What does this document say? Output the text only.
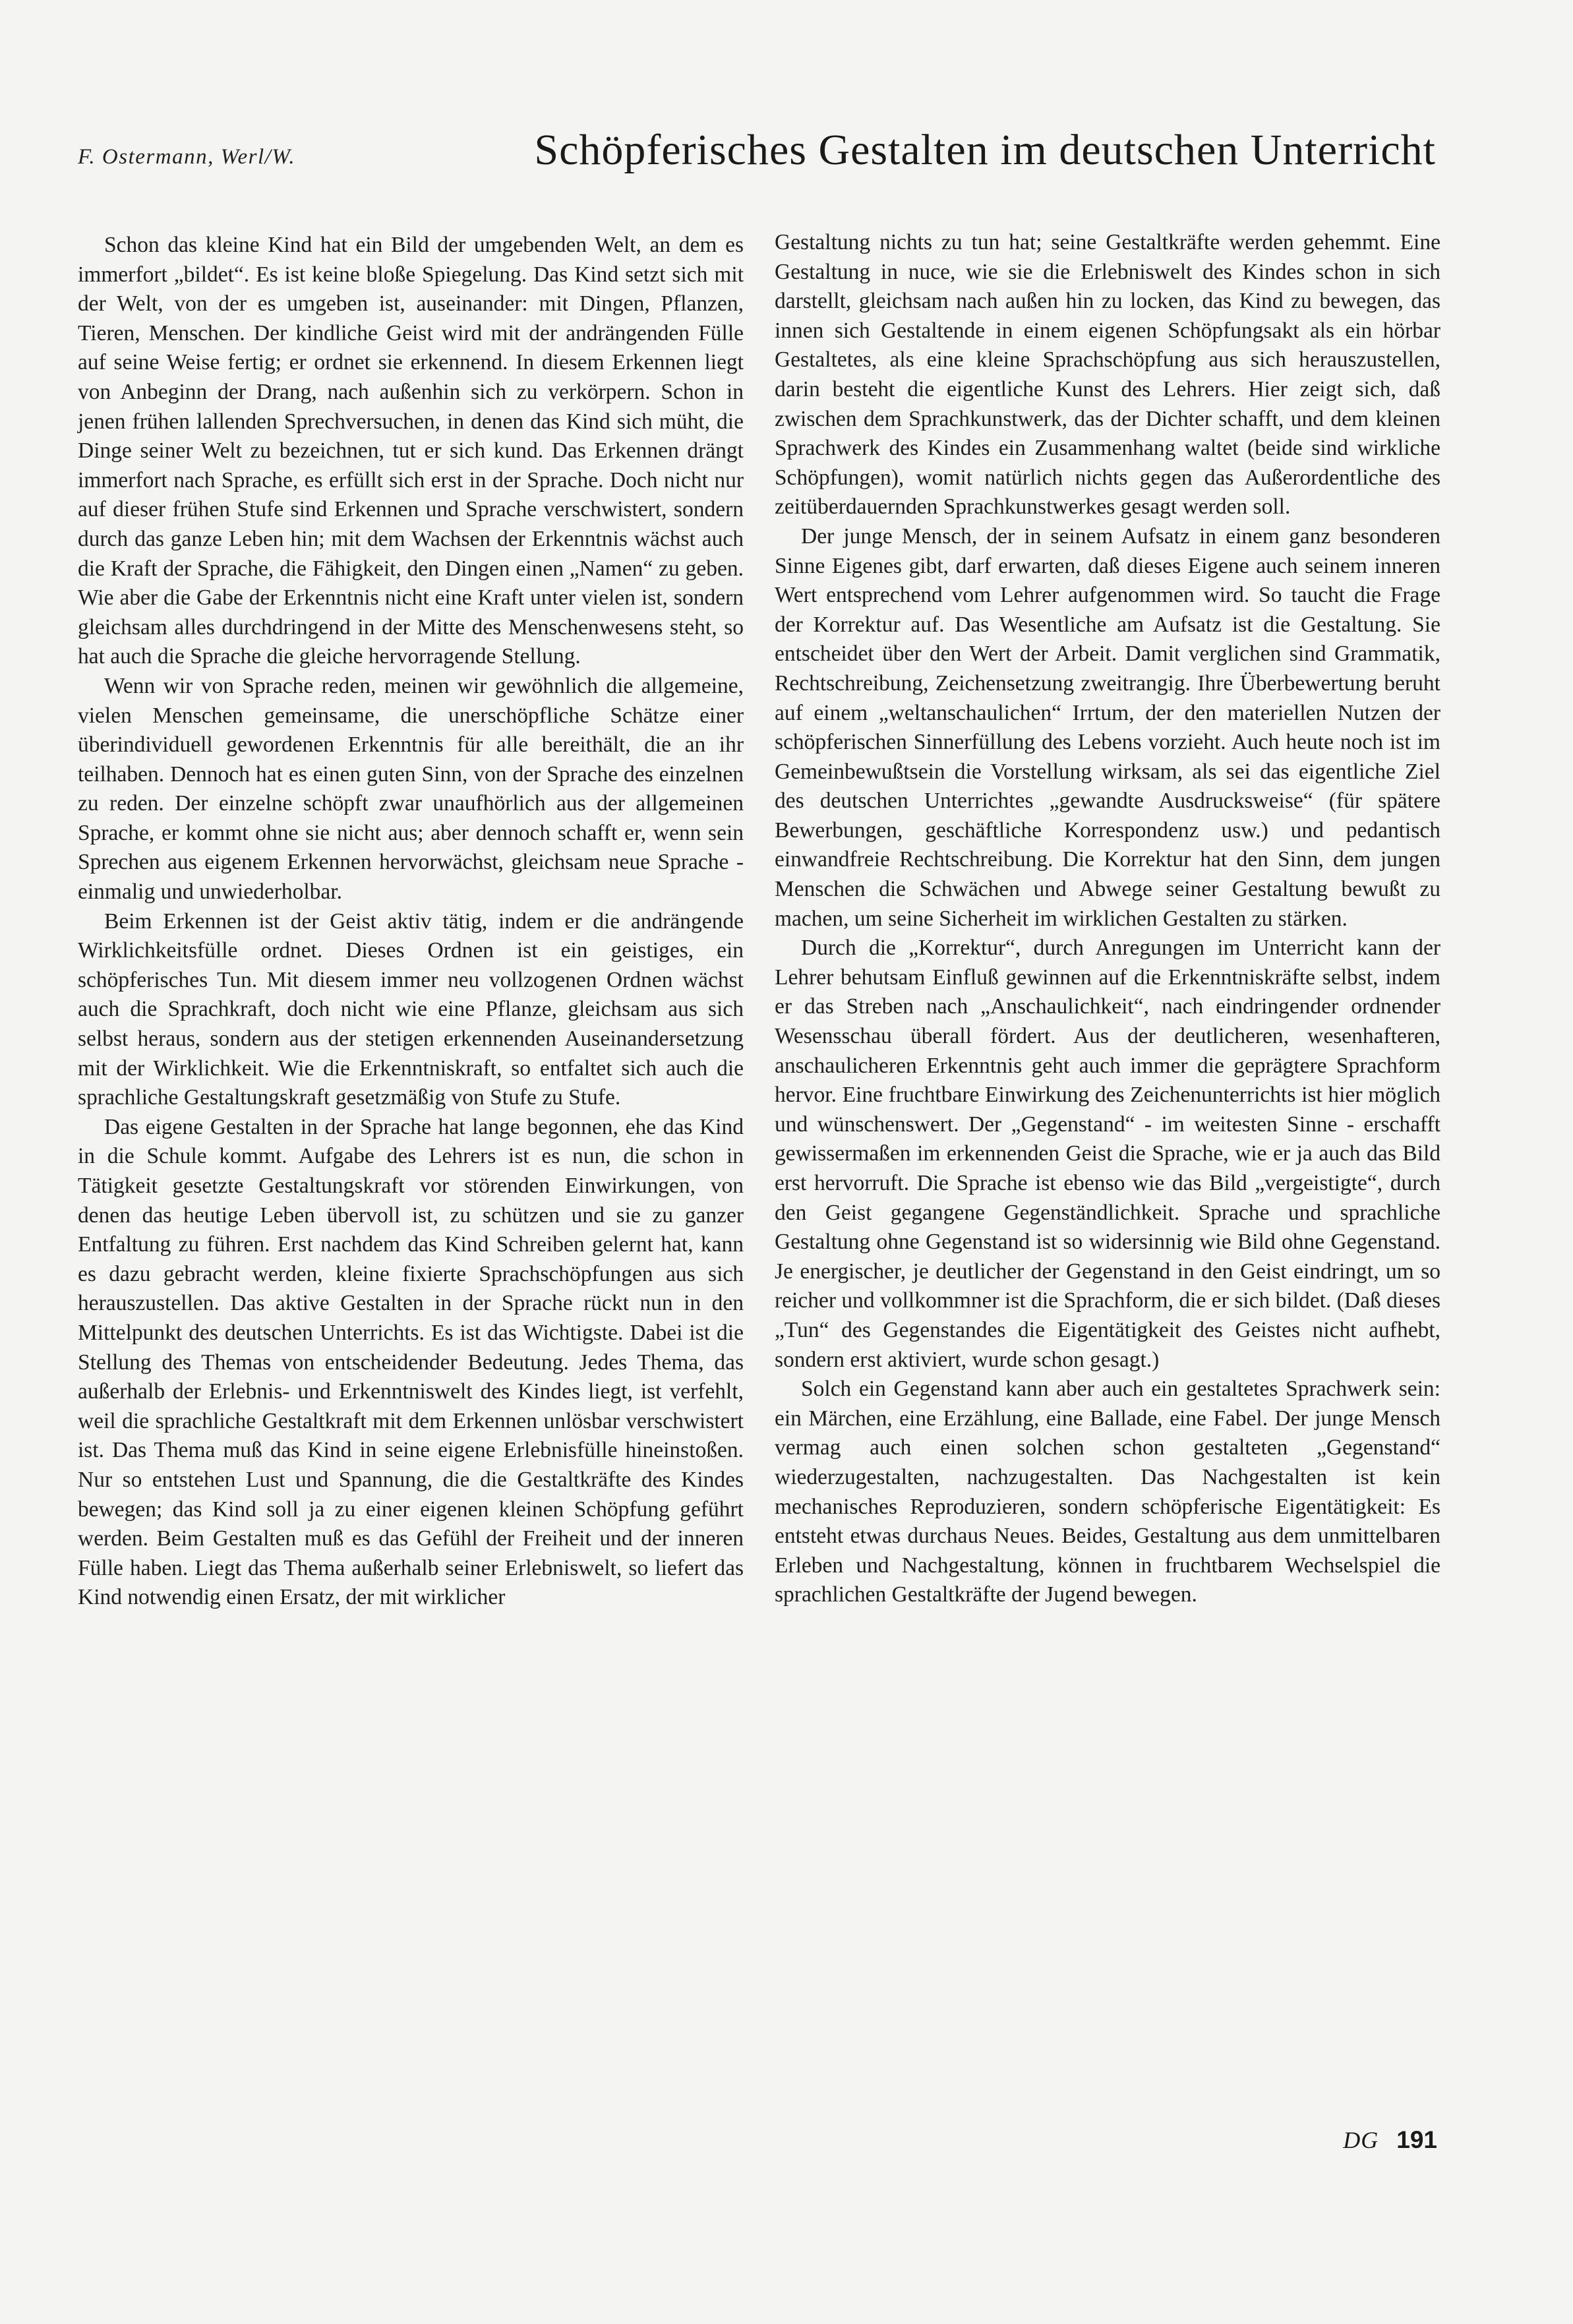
F. Ostermann, Werl/W.	Schöpferisches Gestalten im deutschen Unterricht

Schon das kleine Kind hat ein Bild der umgebenden Welt, an dem es immerfort „bildet“. Es ist keine bloße Spiegelung. Das Kind setzt sich mit der Welt, von der es umgeben ist, auseinander: mit Dingen, Pflanzen, Tieren, Menschen. Der kindliche Geist wird mit der andrängenden Fülle auf seine Weise fertig; er ordnet sie erkennend. In diesem Erkennen liegt von Anbeginn der Drang, nach außenhin sich zu verkörpern. Schon in jenen frühen lallenden Sprechversuchen, in denen das Kind sich müht, die Dinge seiner Welt zu bezeichnen, tut er sich kund. Das Erkennen drängt immerfort nach Sprache, es erfüllt sich erst in der Sprache. Doch nicht nur auf dieser frühen Stufe sind Erkennen und Sprache verschwistert, sondern durch das ganze Leben hin; mit dem Wachsen der Erkenntnis wächst auch die Kraft der Sprache, die Fähigkeit, den Dingen einen „Namen“ zu geben. Wie aber die Gabe der Erkenntnis nicht eine Kraft unter vielen ist, sondern gleichsam alles durchdringend in der Mitte des Menschenwesens steht, so hat auch die Sprache die gleiche hervorragende Stellung.

Wenn wir von Sprache reden, meinen wir gewöhnlich die allgemeine, vielen Menschen gemeinsame, die unerschöpfliche Schätze einer überindividuell gewordenen Erkenntnis für alle bereithält, die an ihr teilhaben. Dennoch hat es einen guten Sinn, von der Sprache des einzelnen zu reden. Der einzelne schöpft zwar unaufhörlich aus der allgemeinen Sprache, er kommt ohne sie nicht aus; aber dennoch schafft er, wenn sein Sprechen aus eigenem Erkennen hervorwächst, gleichsam neue Sprache - einmalig und unwiederholbar.

Beim Erkennen ist der Geist aktiv tätig, indem er die andrängende Wirklichkeitsfülle ordnet. Dieses Ordnen ist ein geistiges, ein schöpferisches Tun. Mit diesem immer neu vollzogenen Ordnen wächst auch die Sprachkraft, doch nicht wie eine Pflanze, gleichsam aus sich selbst heraus, sondern aus der stetigen erkennenden Auseinandersetzung mit der Wirklichkeit. Wie die Erkenntniskraft, so entfaltet sich auch die sprachliche Gestaltungskraft gesetzmäßig von Stufe zu Stufe.

Das eigene Gestalten in der Sprache hat lange begonnen, ehe das Kind in die Schule kommt. Aufgabe des Lehrers ist es nun, die schon in Tätigkeit gesetzte Gestaltungskraft vor störenden Einwirkungen, von denen das heutige Leben übervoll ist, zu schützen und sie zu ganzer Entfaltung zu führen. Erst nachdem das Kind Schreiben gelernt hat, kann es dazu gebracht werden, kleine fixierte Sprachschöpfungen aus sich herauszustellen. Das aktive Gestalten in der Sprache rückt nun in den Mittelpunkt des deutschen Unterrichts. Es ist das Wichtigste. Dabei ist die Stellung des Themas von entscheidender Bedeutung. Jedes Thema, das außerhalb der Erlebnis- und Erkenntniswelt des Kindes liegt, ist verfehlt, weil die sprachliche Gestaltkraft mit dem Erkennen unlösbar verschwistert ist. Das Thema muß das Kind in seine eigene Erlebnisfülle hineinstoßen. Nur so entstehen Lust und Spannung, die die Gestaltkräfte des Kindes bewegen; das Kind soll ja zu einer eigenen kleinen Schöpfung geführt werden. Beim Gestalten muß es das Gefühl der Freiheit und der inneren Fülle haben. Liegt das Thema außerhalb seiner Erlebniswelt, so liefert das Kind notwendig einen Ersatz, der mit wirklicher

Gestaltung nichts zu tun hat; seine Gestaltkräfte werden gehemmt. Eine Gestaltung in nuce, wie sie die Erlebniswelt des Kindes schon in sich darstellt, gleichsam nach außen hin zu locken, das Kind zu bewegen, das innen sich Gestaltende in einem eigenen Schöpfungsakt als ein hörbar Gestaltetes, als eine kleine Sprachschöpfung aus sich herauszustellen, darin besteht die eigentliche Kunst des Lehrers. Hier zeigt sich, daß zwischen dem Sprachkunstwerk, das der Dichter schafft, und dem kleinen Sprachwerk des Kindes ein Zusammenhang waltet (beide sind wirkliche Schöpfungen), womit natürlich nichts gegen das Außerordentliche des zeitüberdauernden Sprachkunstwerkes gesagt werden soll.

Der junge Mensch, der in seinem Aufsatz in einem ganz besonderen Sinne Eigenes gibt, darf erwarten, daß dieses Eigene auch seinem inneren Wert entsprechend vom Lehrer aufgenommen wird. So taucht die Frage der Korrektur auf. Das Wesentliche am Aufsatz ist die Gestaltung. Sie entscheidet über den Wert der Arbeit. Damit verglichen sind Grammatik, Rechtschreibung, Zeichensetzung zweitrangig. Ihre Überbewertung beruht auf einem „weltanschaulichen“ Irrtum, der den materiellen Nutzen der schöpferischen Sinnerfüllung des Lebens vorzieht. Auch heute noch ist im Gemeinbewußtsein die Vorstellung wirksam, als sei das eigentliche Ziel des deutschen Unterrichtes „gewandte Ausdrucksweise“ (für spätere Bewerbungen, geschäftliche Korrespondenz usw.) und pedantisch einwandfreie Rechtschreibung. Die Korrektur hat den Sinn, dem jungen Menschen die Schwächen und Abwege seiner Gestaltung bewußt zu machen, um seine Sicherheit im wirklichen Gestalten zu stärken.

Durch die „Korrektur“, durch Anregungen im Unterricht kann der Lehrer behutsam Einfluß gewinnen auf die Erkenntniskräfte selbst, indem er das Streben nach „Anschaulichkeit“, nach eindringender ordnender Wesensschau überall fördert. Aus der deutlicheren, wesenhafteren, anschaulicheren Erkenntnis geht auch immer die geprägtere Sprachform hervor. Eine fruchtbare Einwirkung des Zeichenunterrichts ist hier möglich und wünschenswert. Der „Gegenstand“ - im weitesten Sinne - erschafft gewissermaßen im erkennenden Geist die Sprache, wie er ja auch das Bild erst hervorruft. Die Sprache ist ebenso wie das Bild „vergeistigte“, durch den Geist gegangene Gegenständlichkeit. Sprache und sprachliche Gestaltung ohne Gegenstand ist so widersinnig wie Bild ohne Gegenstand. Je energischer, je deutlicher der Gegenstand in den Geist eindringt, um so reicher und vollkommner ist die Sprachform, die er sich bildet. (Daß dieses „Tun“ des Gegenstandes die Eigentätigkeit des Geistes nicht aufhebt, sondern erst aktiviert, wurde schon gesagt.)

Solch ein Gegenstand kann aber auch ein gestaltetes Sprachwerk sein: ein Märchen, eine Erzählung, eine Ballade, eine Fabel. Der junge Mensch vermag auch einen solchen schon gestalteten „Gegenstand“ wiederzugestalten, nachzugestalten. Das Nachgestalten ist kein mechanisches Reproduzieren, sondern schöpferische Eigentätigkeit: Es entsteht etwas durchaus Neues. Beides, Gestaltung aus dem unmittelbaren Erleben und Nachgestaltung, können in fruchtbarem Wechselspiel die sprachlichen Gestaltkräfte der Jugend bewegen.

DG 191
